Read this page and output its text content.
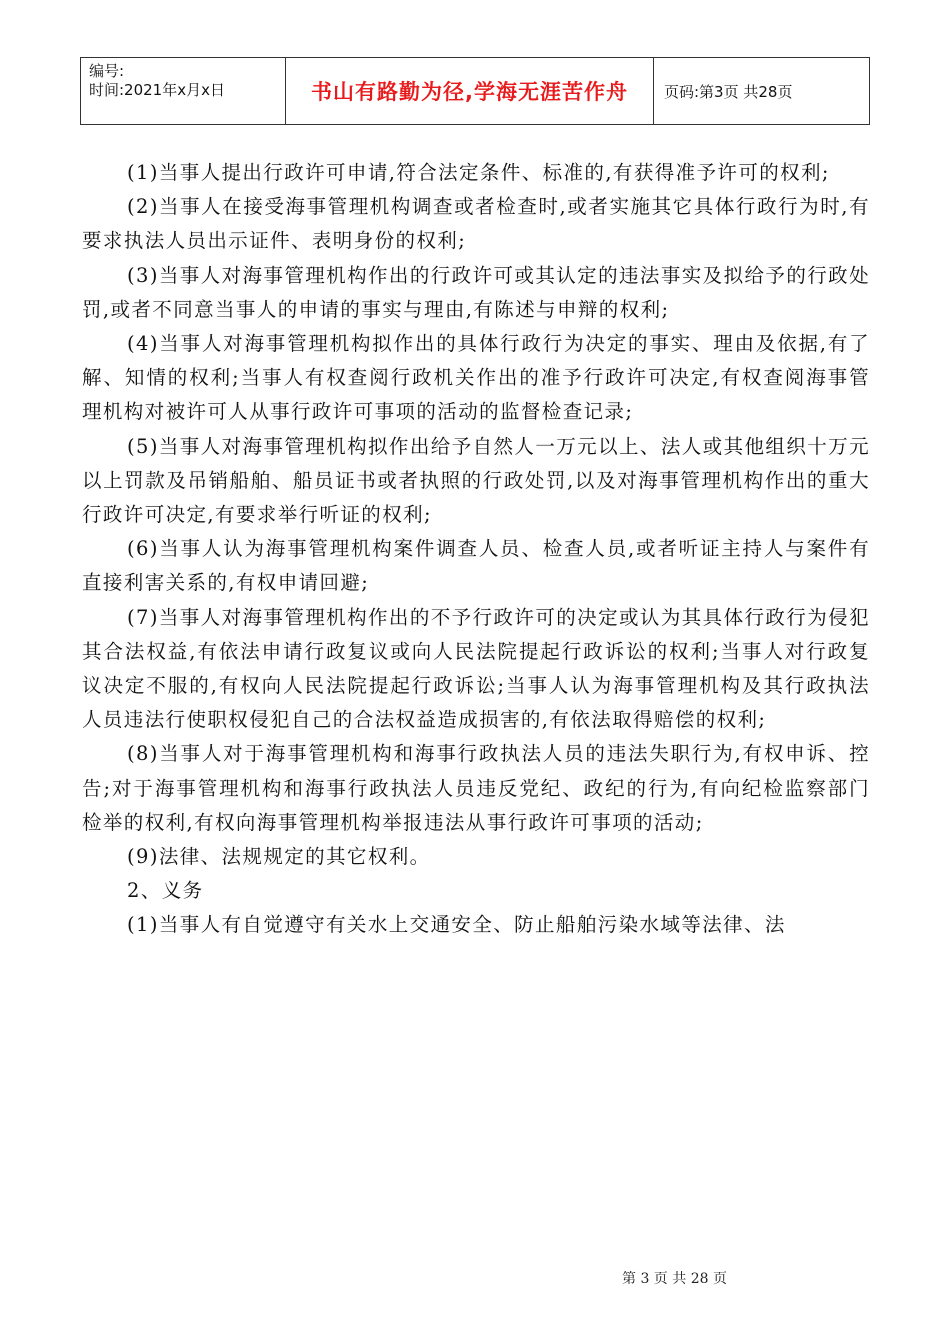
编号:
时间:2021年x月x日	书山有路勤为径,学海无涯苦作舟	页码:第3页 共28页

(1)当事人提出行政许可申请,符合法定条件、标准的,有获得准予许可的权利;

(2)当事人在接受海事管理机构调查或者检查时,或者实施其它具体行政行为时,有要求执法人员出示证件、表明身份的权利;

(3)当事人对海事管理机构作出的行政许可或其认定的违法事实及拟给予的行政处罚,或者不同意当事人的申请的事实与理由,有陈述与申辩的权利;

(4)当事人对海事管理机构拟作出的具体行政行为决定的事实、理由及依据,有了解、知情的权利;当事人有权查阅行政机关作出的准予行政许可决定,有权查阅海事管理机构对被许可人从事行政许可事项的活动的监督检查记录;

(5)当事人对海事管理机构拟作出给予自然人一万元以上、法人或其他组织十万元以上罚款及吊销船舶、船员证书或者执照的行政处罚,以及对海事管理机构作出的重大行政许可决定,有要求举行听证的权利;

(6)当事人认为海事管理机构案件调查人员、检查人员,或者听证主持人与案件有直接利害关系的,有权申请回避;

(7)当事人对海事管理机构作出的不予行政许可的决定或认为其具体行政行为侵犯其合法权益,有依法申请行政复议或向人民法院提起行政诉讼的权利;当事人对行政复议决定不服的,有权向人民法院提起行政诉讼;当事人认为海事管理机构及其行政执法人员违法行使职权侵犯自己的合法权益造成损害的,有依法取得赔偿的权利;

(8)当事人对于海事管理机构和海事行政执法人员的违法失职行为,有权申诉、控告;对于海事管理机构和海事行政执法人员违反党纪、政纪的行为,有向纪检监察部门检举的权利,有权向海事管理机构举报违法从事行政许可事项的活动;

(9)法律、法规规定的其它权利。

2、义务

(1)当事人有自觉遵守有关水上交通安全、防止船舶污染水域等法律、法

第 3 页 共 28 页
